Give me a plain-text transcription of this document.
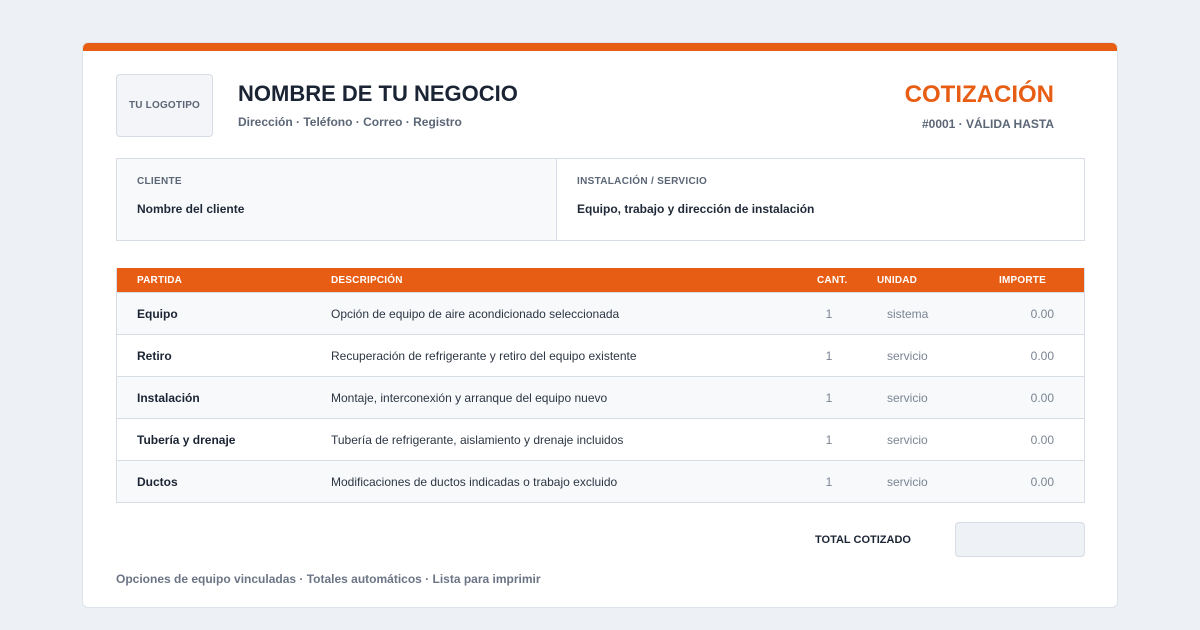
TU LOGOTIPO	NOMBRE DE TU NEGOCIO
Dirección · Teléfono · Correo · Registro
COTIZACIÓN
#0001 · VÁLIDA HASTA
CLIENTE
Nombre del cliente
INSTALACIÓN / SERVICIO
Equipo, trabajo y dirección de instalación
PARTIDA	DESCRIPCIÓN	CANT.	UNIDAD	IMPORTE
Equipo	Opción de equipo de aire acondicionado seleccionada	1	sistema	0.00
Retiro	Recuperación de refrigerante y retiro del equipo existente	1	servicio	0.00
Instalación	Montaje, interconexión y arranque del equipo nuevo	1	servicio	0.00
Tubería y drenaje	Tubería de refrigerante, aislamiento y drenaje incluidos	1	servicio	0.00
Ductos	Modificaciones de ductos indicadas o trabajo excluido	1	servicio	0.00
TOTAL COTIZADO
Opciones de equipo vinculadas · Totales automáticos · Lista para imprimir
